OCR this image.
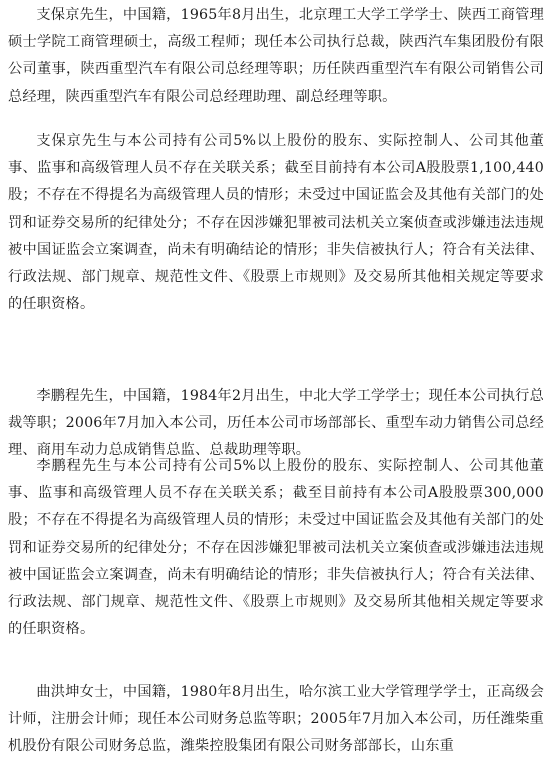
支保京先生，中国籍，1965年8月出生，北京理工大学工学学士、陕西工商管理硕士学院工商管理硕士，高级工程师；现任本公司执行总裁，陕西汽车集团股份有限公司董事，陕西重型汽车有限公司总经理等职；历任陕西重型汽车有限公司销售公司总经理，陕西重型汽车有限公司总经理助理、副总经理等职。

支保京先生与本公司持有公司5%以上股份的股东、实际控制人、公司其他董事、监事和高级管理人员不存在关联关系；截至目前持有本公司A股股票1,100,440股；不存在不得提名为高级管理人员的情形；未受过中国证监会及其他有关部门的处罚和证券交易所的纪律处分；不存在因涉嫌犯罪被司法机关立案侦查或涉嫌违法违规被中国证监会立案调查，尚未有明确结论的情形；非失信被执行人；符合有关法律、行政法规、部门规章、规范性文件、《股票上市规则》及交易所其他相关规定等要求的任职资格。

李鹏程先生，中国籍，1984年2月出生，中北大学工学学士；现任本公司执行总裁等职；2006年7月加入本公司，历任本公司市场部部长、重型车动力销售公司总经理、商用车动力总成销售总监、总裁助理等职。

李鹏程先生与本公司持有公司5%以上股份的股东、实际控制人、公司其他董事、监事和高级管理人员不存在关联关系；截至目前持有本公司A股股票300,000股；不存在不得提名为高级管理人员的情形；未受过中国证监会及其他有关部门的处罚和证券交易所的纪律处分；不存在因涉嫌犯罪被司法机关立案侦查或涉嫌违法违规被中国证监会立案调查，尚未有明确结论的情形；非失信被执行人；符合有关法律、行政法规、部门规章、规范性文件、《股票上市规则》及交易所其他相关规定等要求的任职资格。

曲洪坤女士，中国籍，1980年8月出生，哈尔滨工业大学管理学学士，正高级会计师，注册会计师；现任本公司财务总监等职；2005年7月加入本公司，历任潍柴重机股份有限公司财务总监，潍柴控股集团有限公司财务部部长，山东重
